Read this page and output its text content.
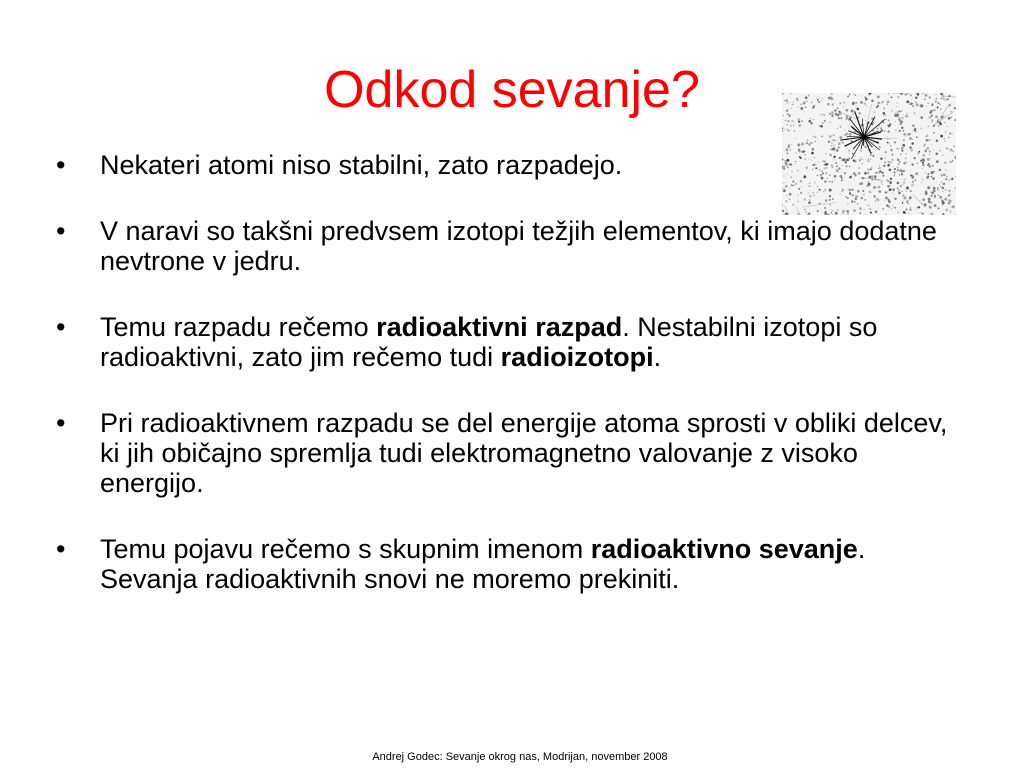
Odkod sevanje?
• Nekateri atomi niso stabilni, zato razpadejo.
• V naravi so takšni predvsem izotopi težjih elementov, ki imajo dodatne nevtrone v jedru.
• Temu razpadu rečemo radioaktivni razpad. Nestabilni izotopi so radioaktivni, zato jim rečemo tudi radioizotopi.
• Pri radioaktivnem razpadu se del energije atoma sprosti v obliki delcev, ki jih običajno spremlja tudi elektromagnetno valovanje z visoko energijo.
• Temu pojavu rečemo s skupnim imenom radioaktivno sevanje. Sevanja radioaktivnih snovi ne moremo prekiniti.
Andrej Godec: Sevanje okrog nas, Modrijan, november 2008
